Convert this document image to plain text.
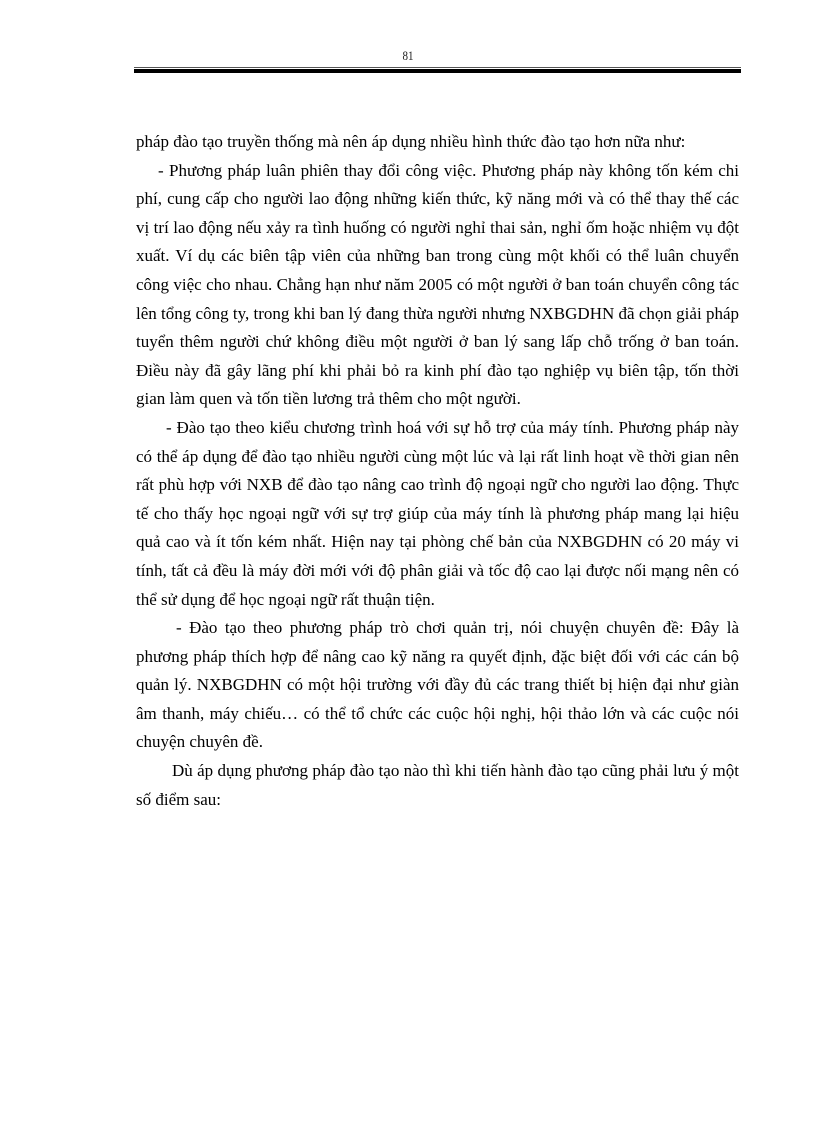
81

pháp đào tạo truyền thống mà nên áp dụng nhiều hình thức đào tạo hơn nữa như:

- Phương pháp luân phiên thay đổi công việc. Phương pháp này không tốn kém chi phí, cung cấp cho người lao động những kiến thức, kỹ năng mới và có thể thay thế các vị trí lao động nếu xảy ra tình huống có người nghỉ thai sản, nghỉ ốm hoặc nhiệm vụ đột xuất. Ví dụ các biên tập viên của những ban trong cùng một khối có thể luân chuyển công việc cho nhau. Chẳng hạn như năm 2005 có một người ở ban toán chuyển công tác lên tổng công ty, trong khi ban lý đang thừa người nhưng NXBGDHN đã chọn giải pháp tuyển thêm người chứ không điều một người ở ban lý sang lấp chỗ trống ở ban toán. Điều này đã gây lãng phí khi phải bỏ ra kinh phí đào tạo nghiệp vụ biên tập, tốn thời gian làm quen và tốn tiền lương trả thêm cho một người.

- Đào tạo theo kiểu chương trình hoá với sự hỗ trợ của máy tính. Phương pháp này có thể áp dụng để đào tạo nhiều người cùng một lúc và lại rất linh hoạt về thời gian nên rất phù hợp với NXB để đào tạo nâng cao trình độ ngoại ngữ cho người lao động. Thực tế cho thấy học ngoại ngữ với sự trợ giúp của máy tính là phương pháp mang lại hiệu quả cao và ít tốn kém nhất. Hiện nay tại phòng chế bản của NXBGDHN có 20 máy vi tính, tất cả đều là máy đời mới với độ phân giải và tốc độ cao lại được nối mạng nên có thể sử dụng để học ngoại ngữ rất thuận tiện.

- Đào tạo theo phương pháp trò chơi quản trị, nói chuyện chuyên đề: Đây là phương pháp thích hợp để nâng cao kỹ năng ra quyết định, đặc biệt đối với các cán bộ quản lý. NXBGDHN có một hội trường với đầy đủ các trang thiết bị hiện đại như giàn âm thanh, máy chiếu… có thể tổ chức các cuộc hội nghị, hội thảo lớn và các cuộc nói chuyện chuyên đề.

Dù áp dụng phương pháp đào tạo nào thì khi tiến hành đào tạo cũng phải lưu ý một số điểm sau:
